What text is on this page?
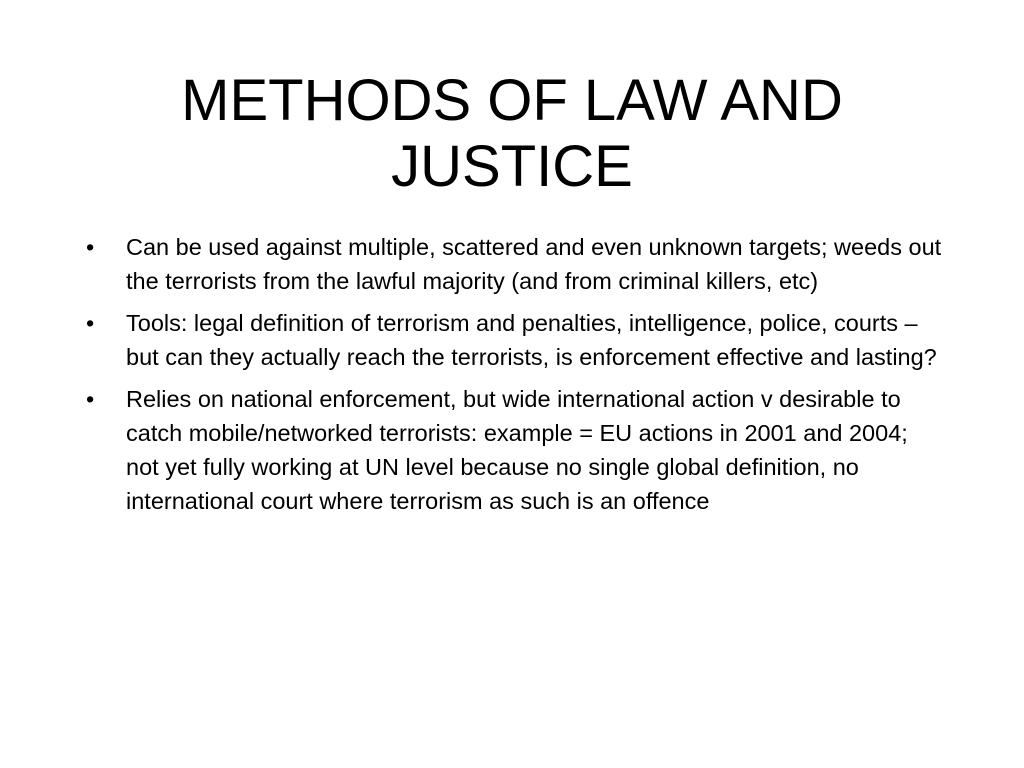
METHODS OF LAW AND
JUSTICE
•	Can be used against multiple, scattered and even unknown targets; weeds out the terrorists from the lawful majority (and from criminal killers, etc)
•	Tools: legal definition of terrorism and penalties, intelligence, police, courts – but can they actually reach the terrorists, is enforcement effective and lasting?
•	Relies on national enforcement, but wide international action v desirable to catch mobile/networked terrorists: example = EU actions in 2001 and 2004; not yet fully working at UN level because no single global definition, no international court where terrorism as such is an offence
